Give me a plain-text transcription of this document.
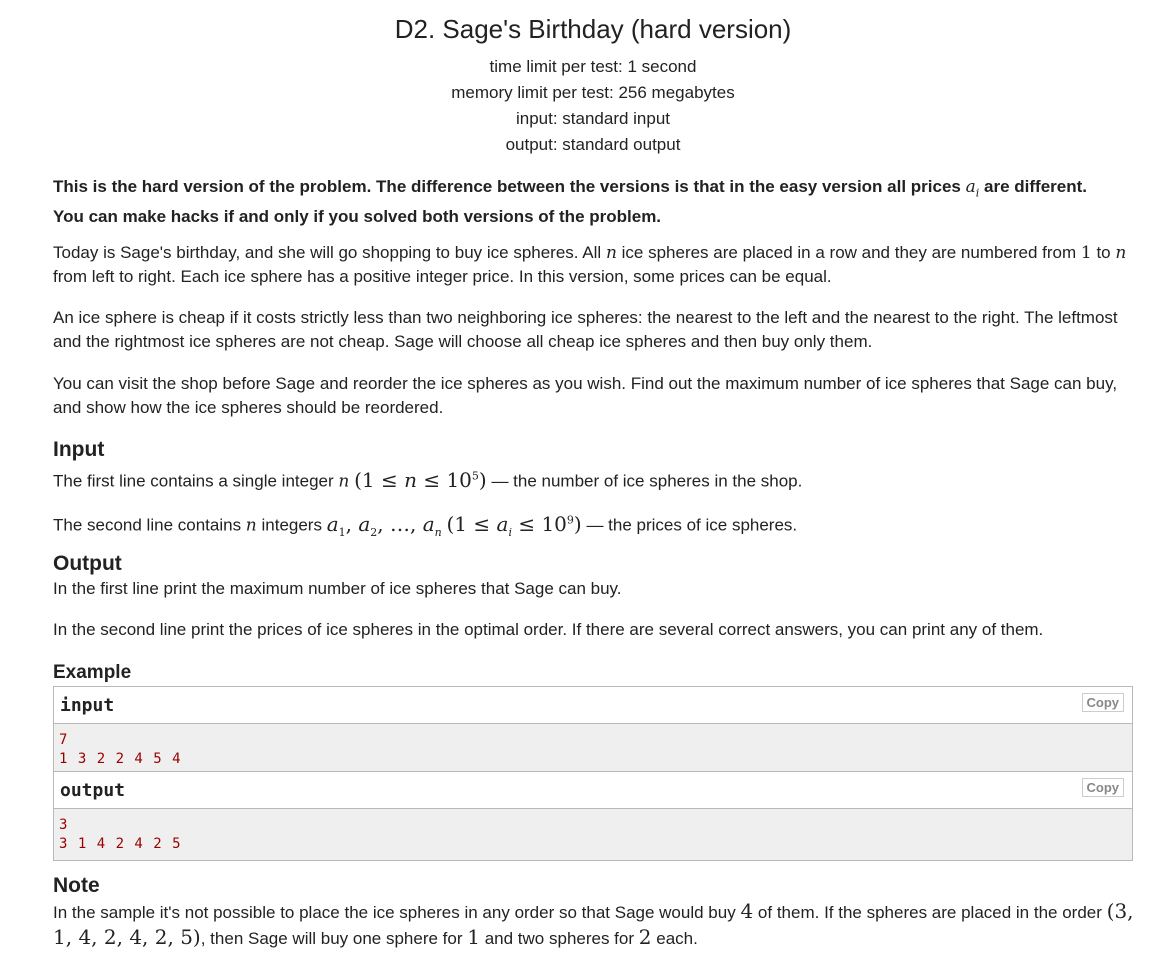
D2. Sage's Birthday (hard version)
time limit per test: 1 second
memory limit per test: 256 megabytes
input: standard input
output: standard output
This is the hard version of the problem. The difference between the versions is that in the easy version all prices $a_i$ are different.
You can make hacks if and only if you solved both versions of the problem.
Today is Sage's birthday, and she will go shopping to buy ice spheres. All n ice spheres are placed in a row and they are numbered from 1 to n from left to right. Each ice sphere has a positive integer price. In this version, some prices can be equal.
An ice sphere is cheap if it costs strictly less than two neighboring ice spheres: the nearest to the left and the nearest to the right. The leftmost and the rightmost ice spheres are not cheap. Sage will choose all cheap ice spheres and then buy only them.
You can visit the shop before Sage and reorder the ice spheres as you wish. Find out the maximum number of ice spheres that Sage can buy, and show how the ice spheres should be reordered.
Input
The first line contains a single integer n $(1 \le n \le 10^5)$ — the number of ice spheres in the shop.
The second line contains n integers $a_1$, $a_2$, …, $a_n$ $(1 \le a_i \le 10^9)$ — the prices of ice spheres.
Output
In the first line print the maximum number of ice spheres that Sage can buy.
In the second line print the prices of ice spheres in the optimal order. If there are several correct answers, you can print any of them.
Example
input	Copy
7
1 3 2 2 4 5 4
output	Copy
3
3 1 4 2 4 2 5
Note
In the sample it's not possible to place the ice spheres in any order so that Sage would buy 4 of them. If the spheres are placed in the order (3, 1, 4, 2, 4, 2, 5), then Sage will buy one sphere for 1 and two spheres for 2 each.
